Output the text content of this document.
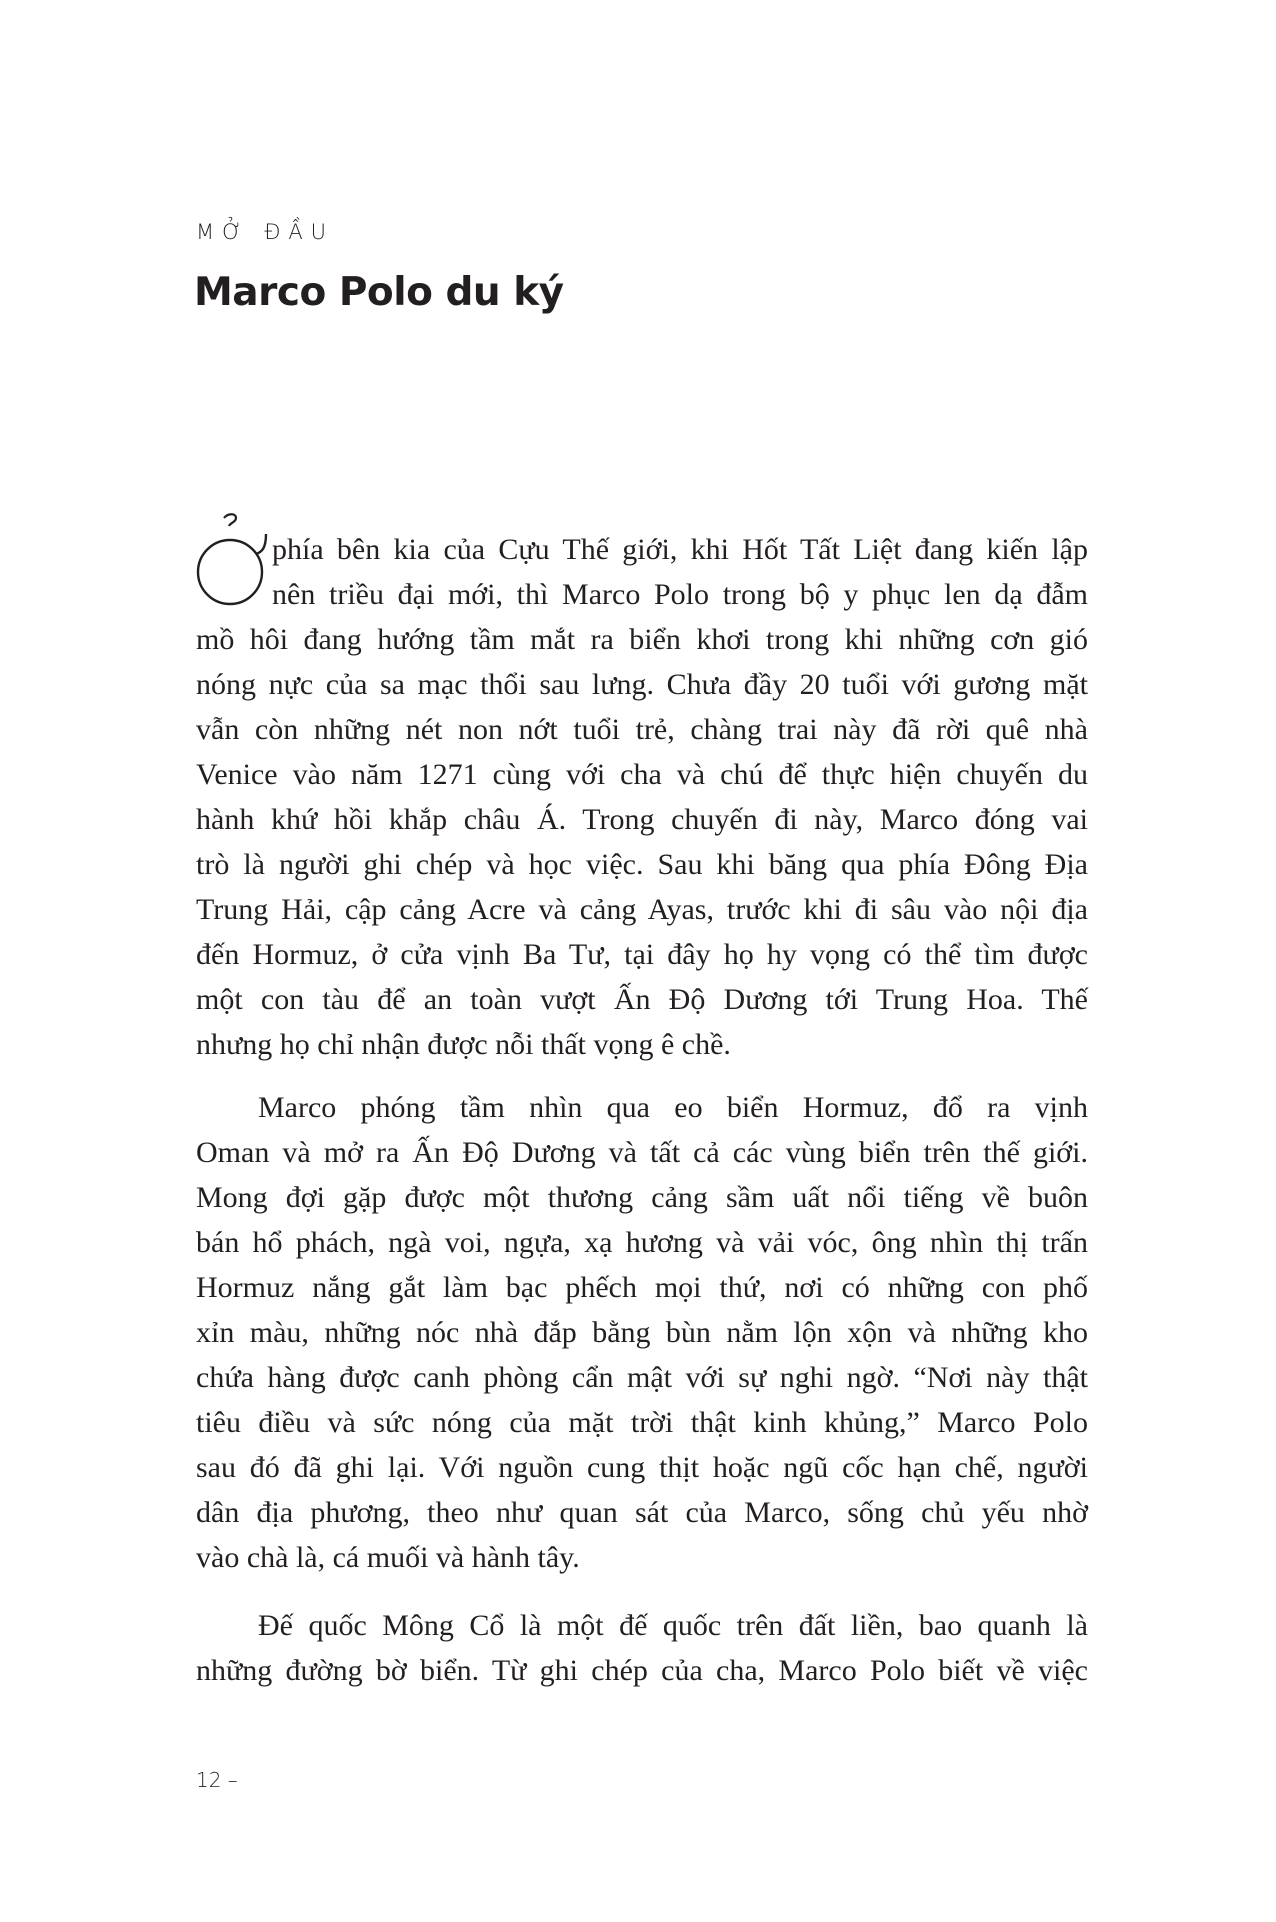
MỞ ĐẦU
Marco Polo du ký
phía bên kia của Cựu Thế giới, khi Hốt Tất Liệt đang kiến lập
nên triều đại mới, thì Marco Polo trong bộ y phục len dạ đẫm
mồ hôi đang hướng tầm mắt ra biển khơi trong khi những cơn gió
nóng nực của sa mạc thổi sau lưng. Chưa đầy 20 tuổi với gương mặt
vẫn còn những nét non nớt tuổi trẻ, chàng trai này đã rời quê nhà
Venice vào năm 1271 cùng với cha và chú để thực hiện chuyến du
hành khứ hồi khắp châu Á. Trong chuyến đi này, Marco đóng vai
trò là người ghi chép và học việc. Sau khi băng qua phía Đông Địa
Trung Hải, cập cảng Acre và cảng Ayas, trước khi đi sâu vào nội địa
đến Hormuz, ở cửa vịnh Ba Tư, tại đây họ hy vọng có thể tìm được
một con tàu để an toàn vượt Ấn Độ Dương tới Trung Hoa. Thế
nhưng họ chỉ nhận được nỗi thất vọng ê chề.
Marco phóng tầm nhìn qua eo biển Hormuz, đổ ra vịnh
Oman và mở ra Ấn Độ Dương và tất cả các vùng biển trên thế giới.
Mong đợi gặp được một thương cảng sầm uất nổi tiếng về buôn
bán hổ phách, ngà voi, ngựa, xạ hương và vải vóc, ông nhìn thị trấn
Hormuz nắng gắt làm bạc phếch mọi thứ, nơi có những con phố
xỉn màu, những nóc nhà đắp bằng bùn nằm lộn xộn và những kho
chứa hàng được canh phòng cẩn mật với sự nghi ngờ. “Nơi này thật
tiêu điều và sức nóng của mặt trời thật kinh khủng,” Marco Polo
sau đó đã ghi lại. Với nguồn cung thịt hoặc ngũ cốc hạn chế, người
dân địa phương, theo như quan sát của Marco, sống chủ yếu nhờ
vào chà là, cá muối và hành tây.
Đế quốc Mông Cổ là một đế quốc trên đất liền, bao quanh là
những đường bờ biển. Từ ghi chép của cha, Marco Polo biết về việc
12 –
